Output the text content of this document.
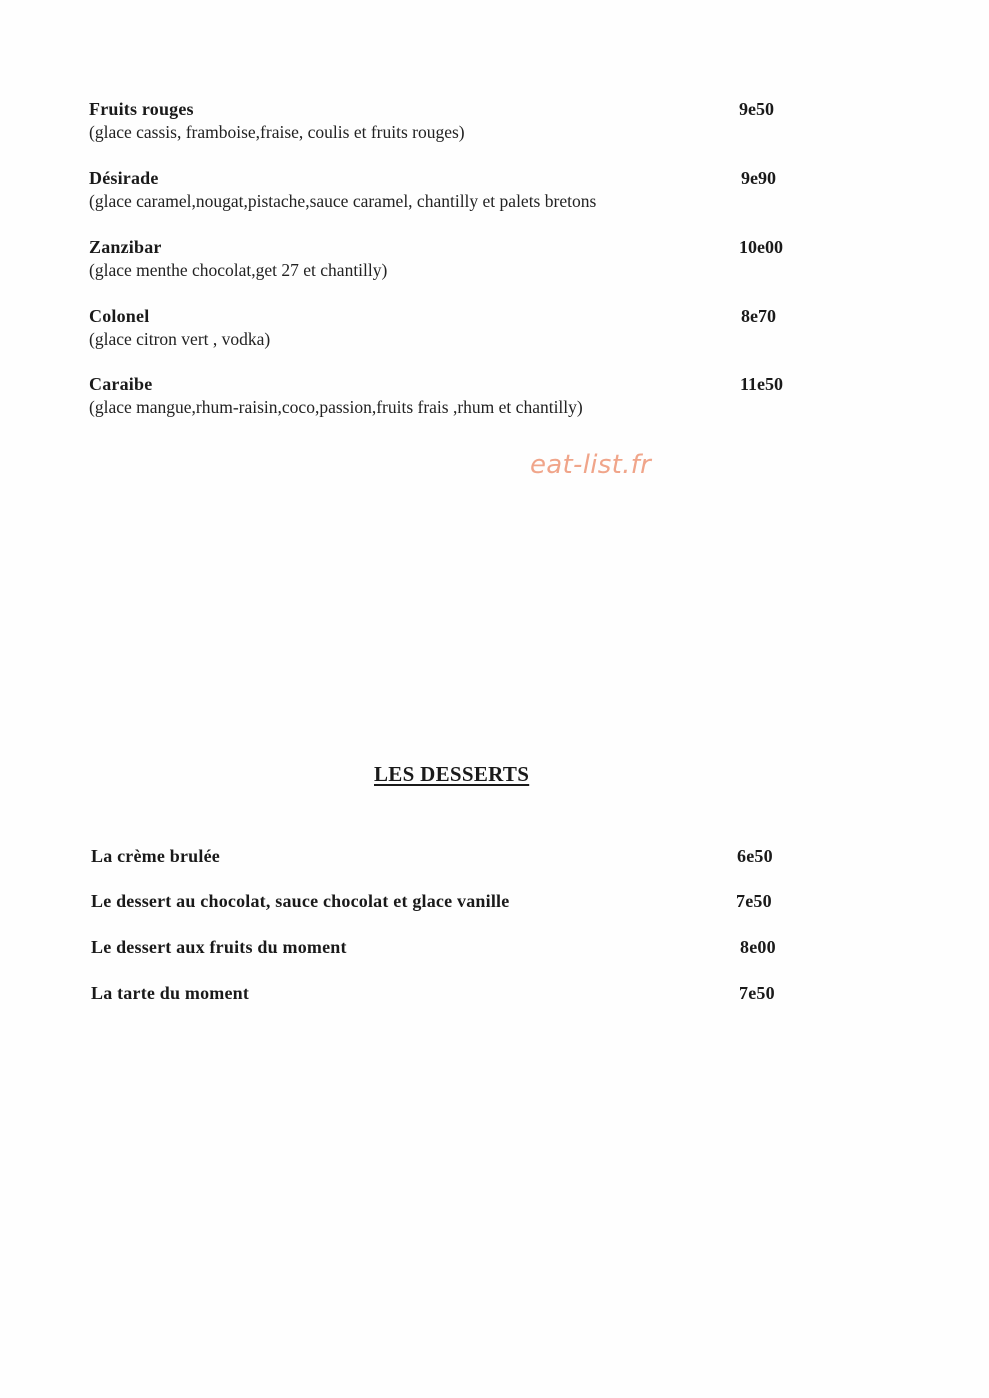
Fruits rouges
(glace cassis, framboise,fraise, coulis et fruits rouges)
9e50
Désirade
(glace caramel,nougat,pistache,sauce caramel, chantilly et palets bretons
9e90
Zanzibar
(glace menthe chocolat,get 27 et chantilly)
10e00
Colonel
(glace citron vert , vodka)
8e70
Caraibe
(glace mangue,rhum-raisin,coco,passion,fruits frais ,rhum et chantilly)
11e50
eat-list.fr
LES DESSERTS
La crème brulée	6e50
Le dessert au chocolat, sauce chocolat et glace vanille	7e50
Le dessert aux fruits du moment	8e00
La tarte du moment	7e50
